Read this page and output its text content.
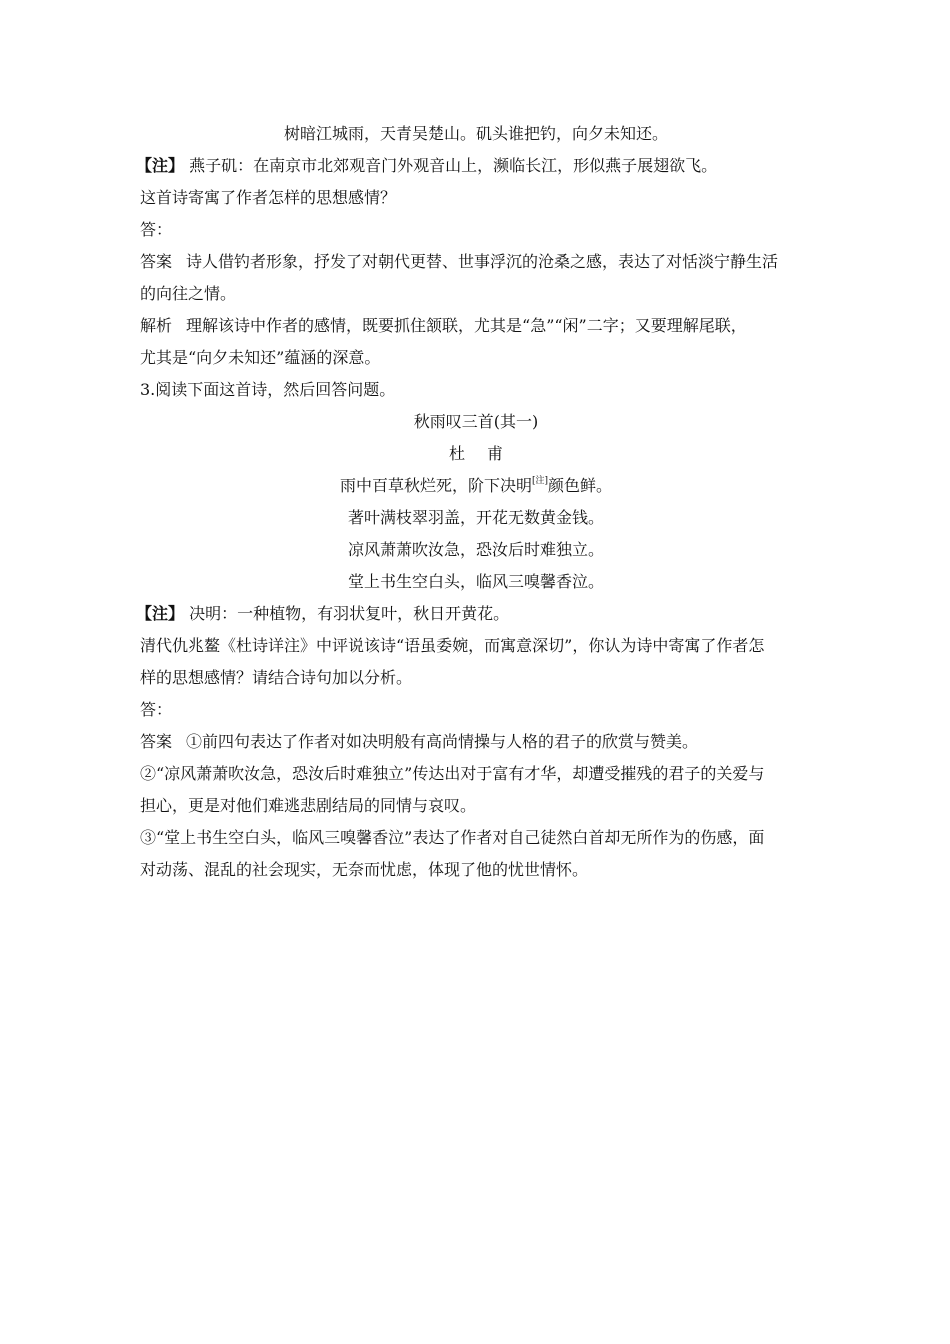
树暗江城雨，天青吴楚山。矶头谁把钓，向夕未知还。
【注】 燕子矶：在南京市北郊观音门外观音山上，濒临长江，形似燕子展翅欲飞。
这首诗寄寓了作者怎样的思想感情？
答：
答案 诗人借钓者形象，抒发了对朝代更替、世事浮沉的沧桑之感，表达了对恬淡宁静生活
的向往之情。
解析 理解该诗中作者的感情，既要抓住颔联，尤其是“急”“闲”二字；又要理解尾联，
尤其是“向夕未知还”蕴涵的深意。
3.阅读下面这首诗，然后回答问题。
秋雨叹三首(其一)
杜 甫
雨中百草秋烂死，阶下决明[注]颜色鲜。
著叶满枝翠羽盖，开花无数黄金钱。
凉风萧萧吹汝急，恐汝后时难独立。
堂上书生空白头，临风三嗅馨香泣。
【注】 决明：一种植物，有羽状复叶，秋日开黄花。
清代仇兆鳌《杜诗详注》中评说该诗“语虽委婉，而寓意深切”，你认为诗中寄寓了作者怎
样的思想感情？请结合诗句加以分析。
答：
答案 ①前四句表达了作者对如决明般有高尚情操与人格的君子的欣赏与赞美。
②“凉风萧萧吹汝急，恐汝后时难独立”传达出对于富有才华，却遭受摧残的君子的关爱与
担心，更是对他们难逃悲剧结局的同情与哀叹。
③“堂上书生空白头，临风三嗅馨香泣”表达了作者对自己徒然白首却无所作为的伤感，面
对动荡、混乱的社会现实，无奈而忧虑，体现了他的忧世情怀。
